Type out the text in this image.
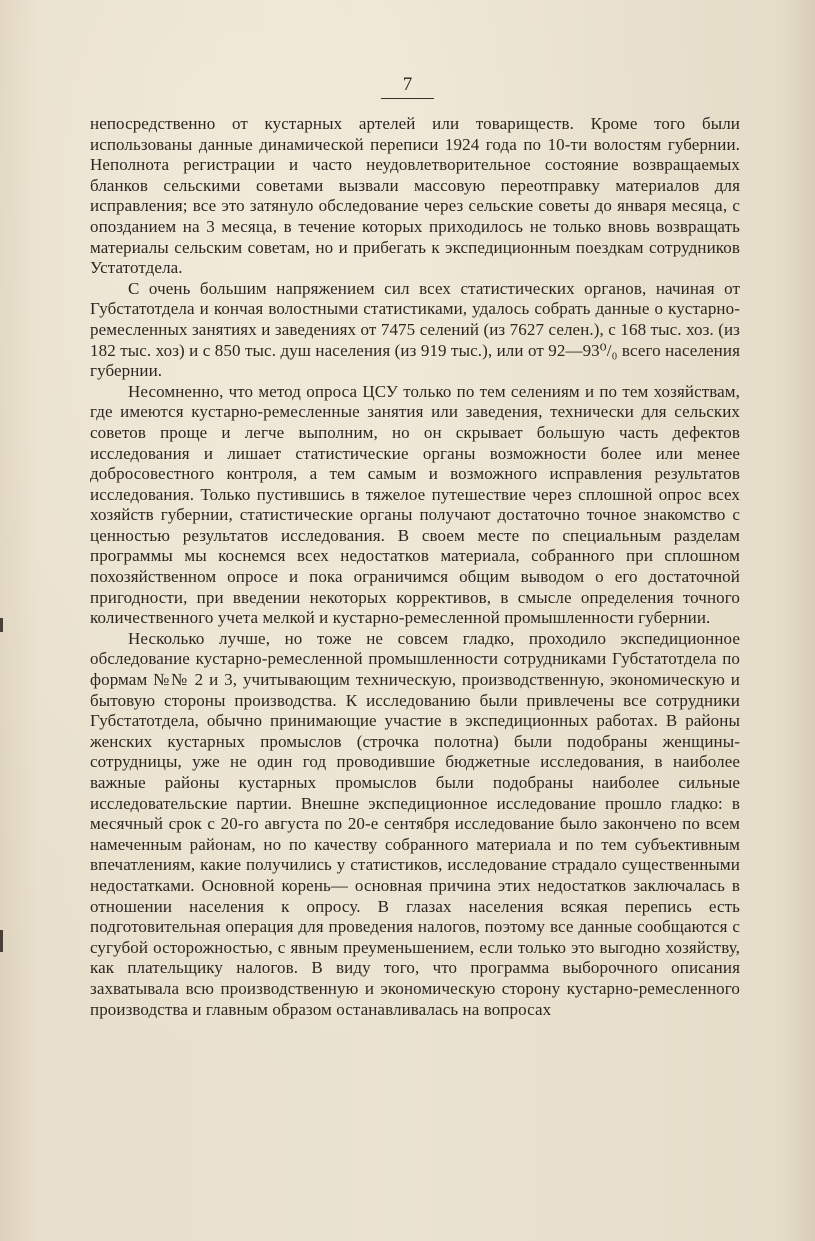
7

непосредственно от кустарных артелей или товариществ. Кроме того были использованы данные динамической переписи 1924 года по 10-ти волостям губернии. Неполнота регистрации и часто неудовлетворительное состояние возвращаемых бланков сельскими советами вызвали массовую переотправку материалов для исправления; все это затянуло обследование через сельские советы до января месяца, с опозданием на 3 месяца, в течение которых приходилось не только вновь возвращать материалы сельским советам, но и прибегать к экспедиционным поездкам сотрудников Устатотдела.

С очень большим напряжением сил всех статистических органов, начиная от Губстатотдела и кончая волостными статистиками, удалось собрать данные о кустарно-ремесленных занятиях и заведениях от 7475 селений (из 7627 селен.), с 168 тыс. хоз. (из 182 тыс. хоз) и с 850 тыс. душ населения (из 919 тыс.), или от 92—93⁰/₀ всего населения губернии.

Несомненно, что метод опроса ЦСУ только по тем селениям и по тем хозяйствам, где имеются кустарно-ремесленные занятия или заведения, технически для сельских советов проще и легче выполним, но он скрывает большую часть дефектов исследования и лишает статистические органы возможности более или менее добросовестного контроля, а тем самым и возможного исправления результатов исследования. Только пустившись в тяжелое путешествие через сплошной опрос всех хозяйств губернии, статистические органы получают достаточно точное знакомство с ценностью результатов исследования. В своем месте по специальным разделам программы мы коснемся всех недостатков материала, собранного при сплошном похозяйственном опросе и пока ограничимся общим выводом о его достаточной пригодности, при введении некоторых коррективов, в смысле определения точного количественного учета мелкой и кустарно-ремесленной промышленности губернии.

Несколько лучше, но тоже не совсем гладко, проходило экспедиционное обследование кустарно-ремесленной промышленности сотрудниками Губстатотдела по формам №№ 2 и 3, учитывающим техническую, производственную, экономическую и бытовую стороны производства. К исследованию были привлечены все сотрудники Губстатотдела, обычно принимающие участие в экспедиционных работах. В районы женских кустарных промыслов (строчка полотна) были подобраны женщины-сотрудницы, уже не один год проводившие бюджетные исследования, в наиболее важные районы кустарных промыслов были подобраны наиболее сильные исследовательские партии. Внешне экспедиционное исследование прошло гладко: в месячный срок с 20-го августа по 20-е сентября исследование было закончено по всем намеченным районам, но по качеству собранного материала и по тем субъективным впечатлениям, какие получились у статистиков, исследование страдало существенными недостатками. Основной корень— основная причина этих недостатков заключалась в отношении населения к опросу. В глазах населения всякая перепись есть подготовительная операция для проведения налогов, поэтому все данные сообщаются с сугубой осторожностью, с явным преуменьшением, если только это выгодно хозяйству, как плательщику налогов. В виду того, что программа выборочного описания захватывала всю производственную и экономическую сторону кустарно-ремесленного производства и главным образом останавливалась на вопросах
